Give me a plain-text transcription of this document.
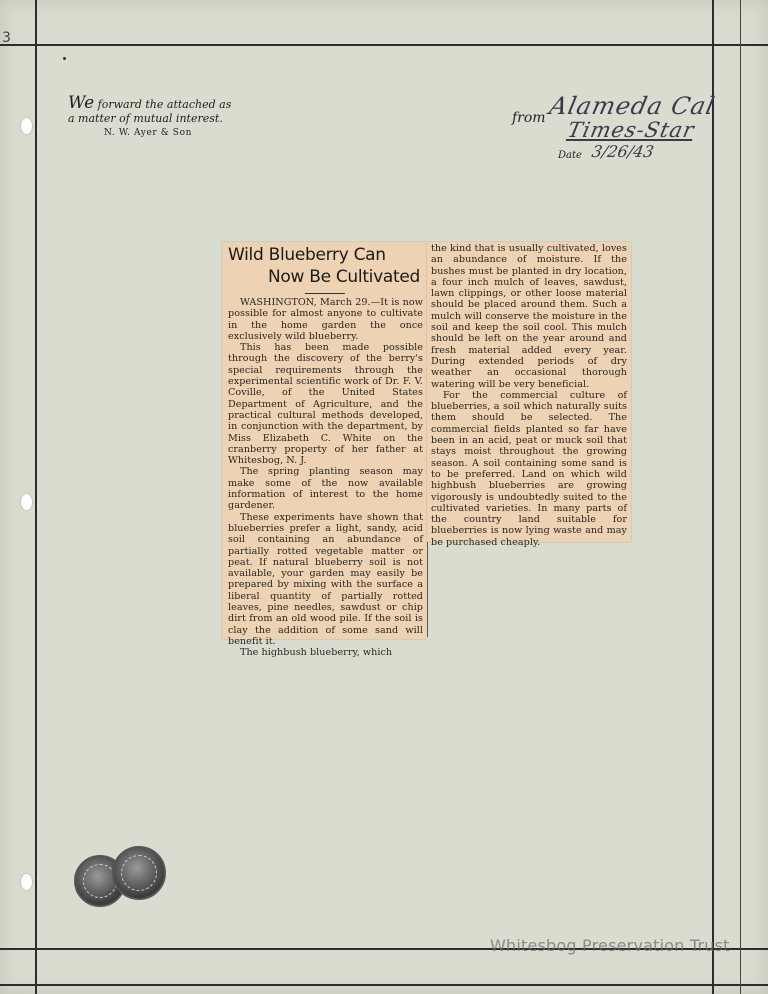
3
We forward the attached as
a matter of mutual interest.
N. W. Ayer & Son
from Alameda Cal
Times-Star
Date 3/26/43
Wild Blueberry Can
Now Be Cultivated

WASHINGTON, March 29.—It is now possible for almost anyone to cultivate in the home garden the once exclusively wild blueberry.

This has been made possible through the discovery of the berry's special requirements through the experimental scientific work of Dr. F. V. Coville, of the United States Department of Agriculture, and the practical cultural methods developed, in conjunction with the department, by Miss Elizabeth C. White on the cranberry property of her father at Whitesbog, N. J.

The spring planting season may make some of the now available information of interest to the home gardener.

These experiments have shown that blueberries prefer a light, sandy, acid soil containing an abundance of partially rotted vegetable matter or peat. If natural blueberry soil is not available, your garden may easily be prepared by mixing with the surface a liberal quantity of partially rotted leaves, pine needles, sawdust or chip dirt from an old wood pile. If the soil is clay the addition of some sand will benefit it.

The highbush blueberry, which

the kind that is usually cultivated, loves an abundance of moisture. If the bushes must be planted in dry location, a four inch mulch of leaves, sawdust, lawn clippings, or other loose material should be placed around them. Such a mulch will conserve the moisture in the soil and keep the soil cool. This mulch should be left on the year around and fresh material added every year. During extended periods of dry weather an occasional thorough watering will be very beneficial.

For the commercial culture of blueberries, a soil which naturally suits them should be selected. The commercial fields planted so far have been in an acid, peat or muck soil that stays moist throughout the growing season. A soil containing some sand is to be preferred. Land on which wild highbush blueberries are growing vigorously is undoubtedly suited to the cultivated varieties. In many parts of the country land suitable for blueberries is now lying waste and may be purchased cheaply.

Whitesbog Preservation Trust
